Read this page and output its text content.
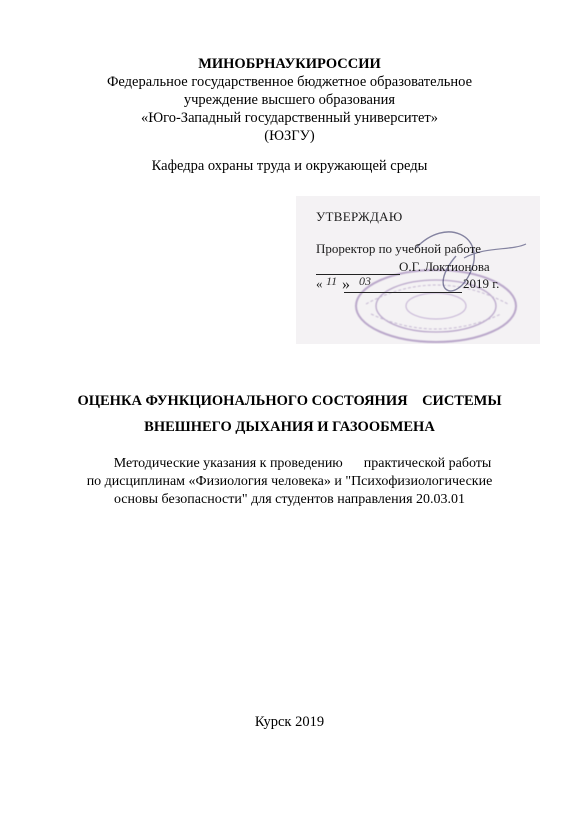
МИНОБРНАУКИРОССИИ
Федеральное государственное бюджетное образовательное
учреждение высшего образования
«Юго-Западный государственный университет»
(ЮЗГУ)
Кафедра охраны труда и окружающей среды
УТВЕРЖДАЮ
Проректор по учебной работе
О.Г. Локтионова
« 11 » 03	2019 г.
ОЦЕНКА ФУНКЦИОНАЛЬНОГО СОСТОЯНИЯ    СИСТЕМЫ
ВНЕШНЕГО ДЫХАНИЯ И ГАЗООБМЕНА
Методические указания к проведению      практической работы
по дисциплинам «Физиология человека» и "Психофизиологические
основы безопасности" для студентов направления 20.03.01
Курск 2019
